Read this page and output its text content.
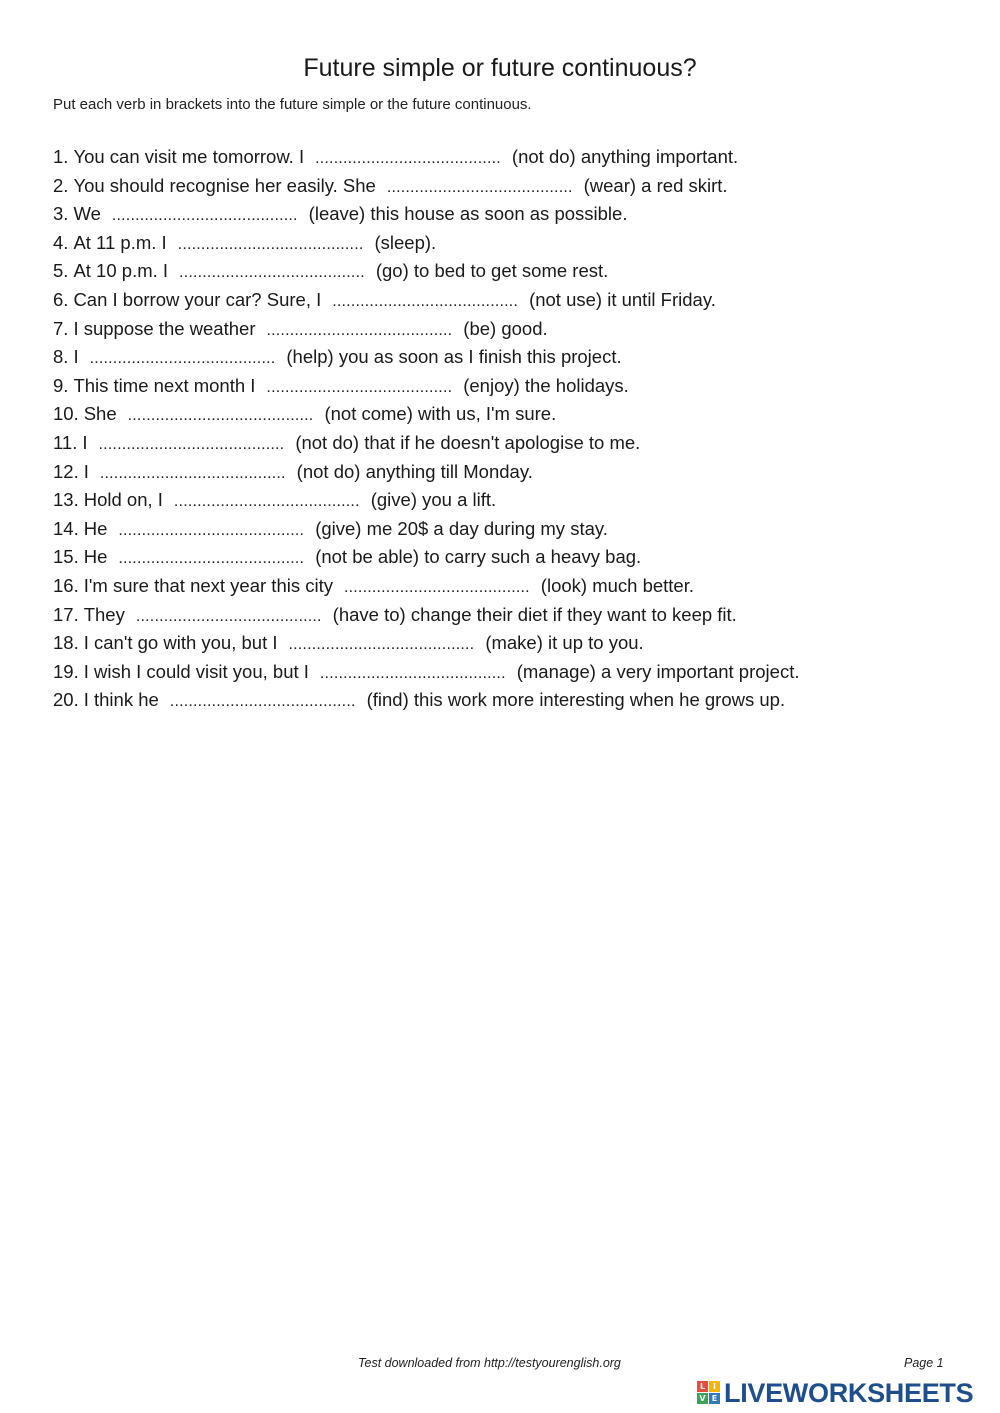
Future simple or future continuous?
Put each verb in brackets into the future simple or the future continuous.
1. You can visit me tomorrow. I ........................................ (not do) anything important.
2. You should recognise her easily. She ........................................ (wear) a red skirt.
3. We ........................................ (leave) this house as soon as possible.
4. At 11 p.m. I ........................................ (sleep).
5. At 10 p.m. I ........................................ (go) to bed to get some rest.
6. Can I borrow your car? Sure, I ........................................ (not use) it until Friday.
7. I suppose the weather ........................................ (be) good.
8. I ........................................ (help) you as soon as I finish this project.
9. This time next month I ........................................ (enjoy) the holidays.
10. She ........................................ (not come) with us, I'm sure.
11. I ........................................ (not do) that if he doesn't apologise to me.
12. I ........................................ (not do) anything till Monday.
13. Hold on, I ........................................ (give) you a lift.
14. He ........................................ (give) me 20$ a day during my stay.
15. He ........................................ (not be able) to carry such a heavy bag.
16. I'm sure that next year this city ........................................ (look) much better.
17. They ........................................ (have to) change their diet if they want to keep fit.
18. I can't go with you, but I ........................................ (make) it up to you.
19. I wish I could visit you, but I ........................................ (manage) a very important project.
20. I think he ........................................ (find) this work more interesting when he grows up.
Test downloaded from http://testyourenglish.org	Page 1
L I
V E LIVEWORKSHEETS
